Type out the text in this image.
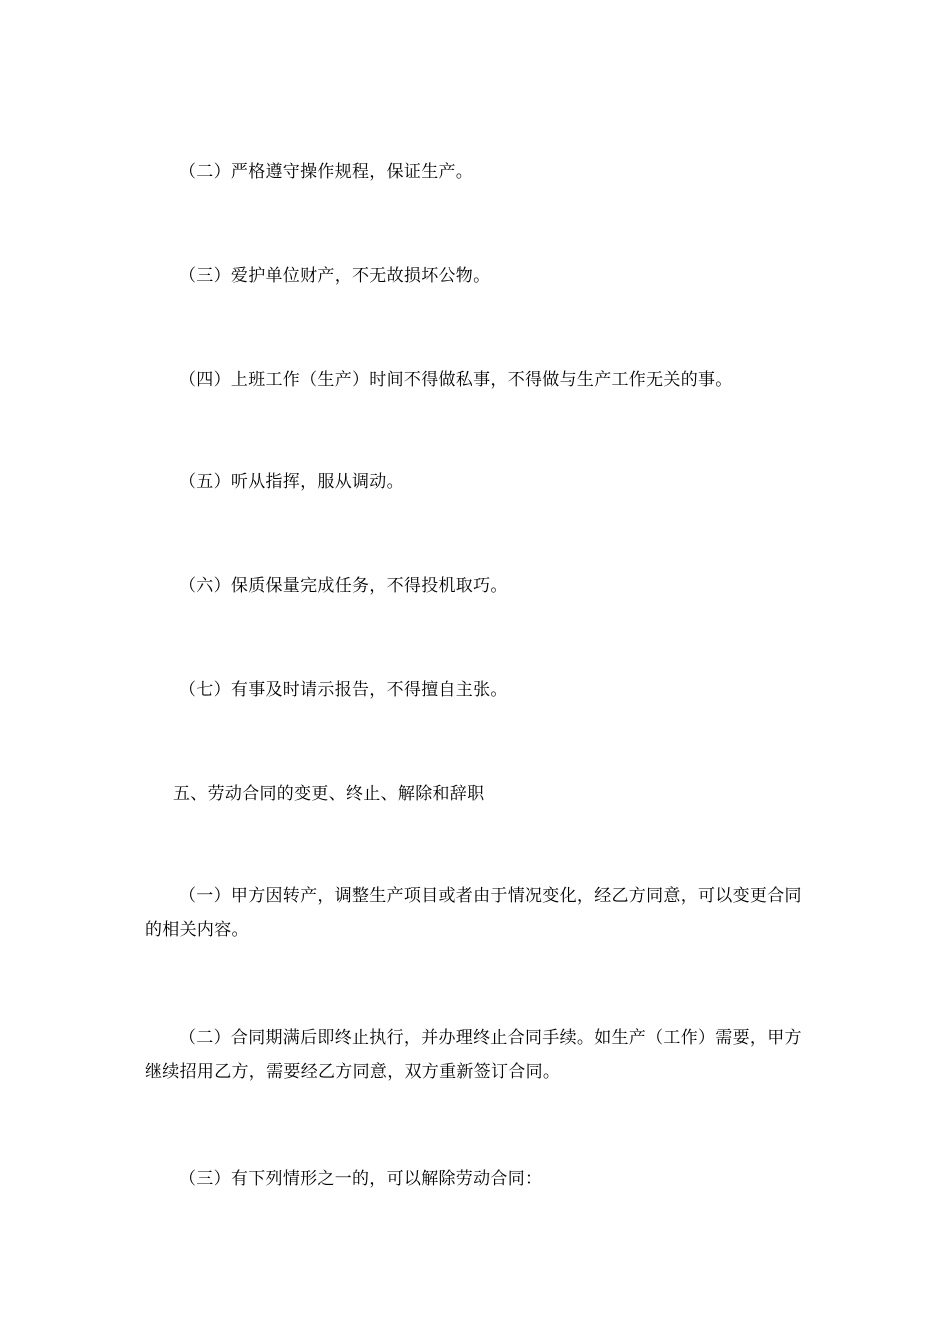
（二）严格遵守操作规程，保证生产。

（三）爱护单位财产，不无故损坏公物。

（四）上班工作（生产）时间不得做私事，不得做与生产工作无关的事。

（五）听从指挥，服从调动。

（六）保质保量完成任务，不得投机取巧。

（七）有事及时请示报告，不得擅自主张。

五、劳动合同的变更、终止、解除和辞职

（一）甲方因转产，调整生产项目或者由于情况变化，经乙方同意，可以变更合同的相关内容。

（二）合同期满后即终止执行，并办理终止合同手续。如生产（工作）需要，甲方继续招用乙方，需要经乙方同意，双方重新签订合同。

（三）有下列情形之一的，可以解除劳动合同：
